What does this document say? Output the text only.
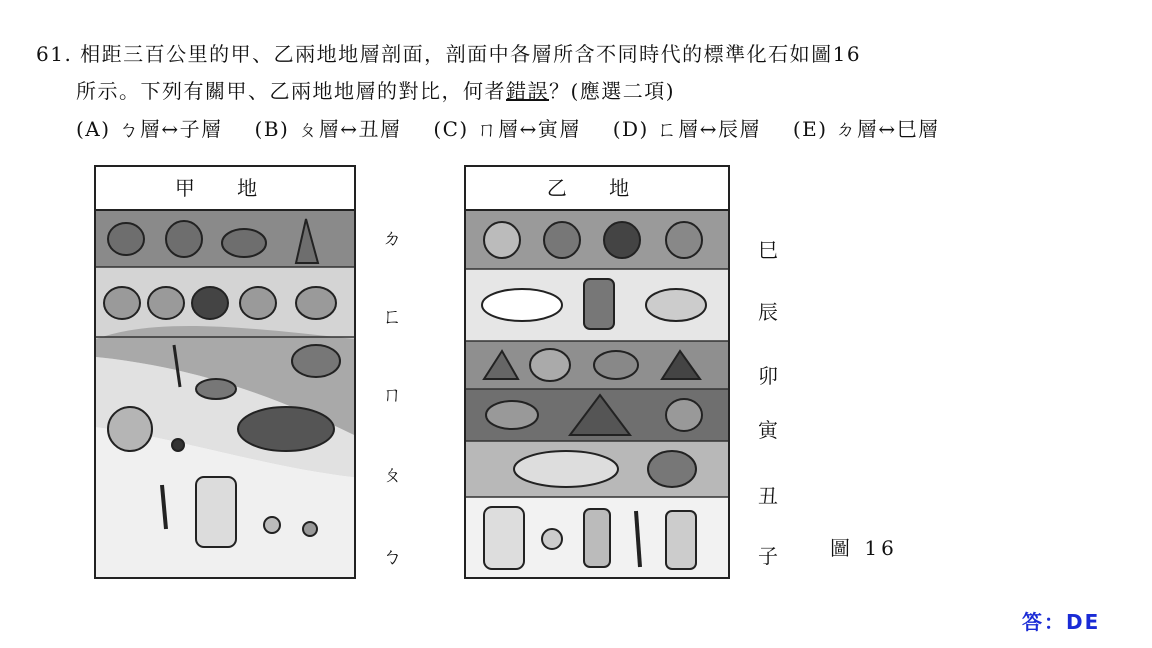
61. 相距三百公里的甲、乙兩地地層剖面，剖面中各層所含不同時代的標準化石如圖16
所示。下列有關甲、乙兩地地層的對比，何者錯誤？(應選二項)
(A) ㄅ層↔子層 (B) ㄆ層↔丑層 (C) ㄇ層↔寅層 (D) ㄈ層↔辰層 (E) ㄉ層↔巳層
甲 地
ㄉ
ㄈ
ㄇ
ㄆ
ㄅ
乙 地
巳
辰
卯
寅
丑
子	圖 16
答：DE
